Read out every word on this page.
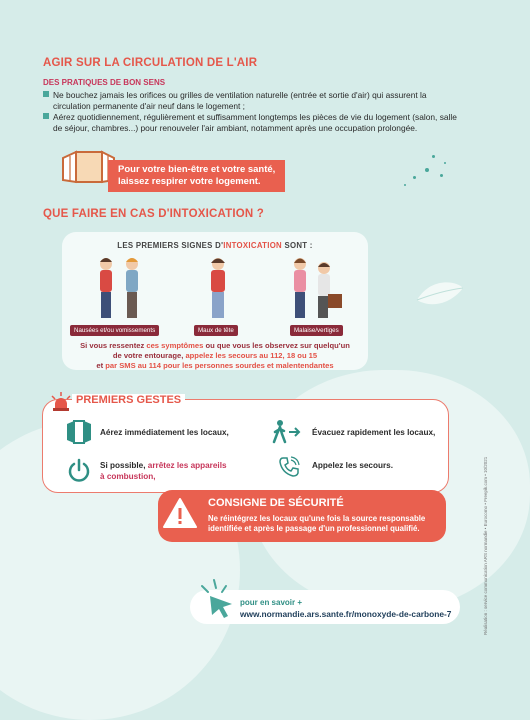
AGIR SUR LA CIRCULATION DE L'AIR
DES PRATIQUES DE BON SENS
Ne bouchez jamais les orifices ou grilles de ventilation naturelle (entrée et sortie d'air) qui assurent la circulation permanente d'air neuf dans le logement ;
Aérez quotidiennement, régulièrement et suffisamment longtemps les pièces de vie du logement (salon, salle de séjour, chambres...) pour renouveler l'air ambiant, notamment après une occupation prolongée.
Pour votre bien-être et votre santé,
laissez respirer votre logement.
QUE FAIRE EN CAS D'INTOXICATION ?
LES PREMIERS SIGNES D'INTOXICATION SONT :
Nausées et/ou vomissements	Maux de tête	Malaise/vertiges
Si vous ressentez ces symptômes ou que vous les observez sur quelqu'un
de votre entourage, appelez les secours au 112, 18 ou 15
et par SMS au 114 pour les personnes sourdes et malentendantes
PREMIERS GESTES
Aérez immédiatement les locaux,	Évacuez rapidement les locaux,
Si possible, arrêtez les appareils
à combustion,
Appelez les secours.
CONSIGNE DE SÉCURITÉ
Ne réintégrez les locaux qu'une fois la source responsable
identifiée et après le passage d'un professionnel qualifié.
pour en savoir +
www.normandie.ars.sante.fr/monoxyde-de-carbone-7	Réalisation : service communication ARS normandie • Eurocomo • Freepik.com • 10/2021
